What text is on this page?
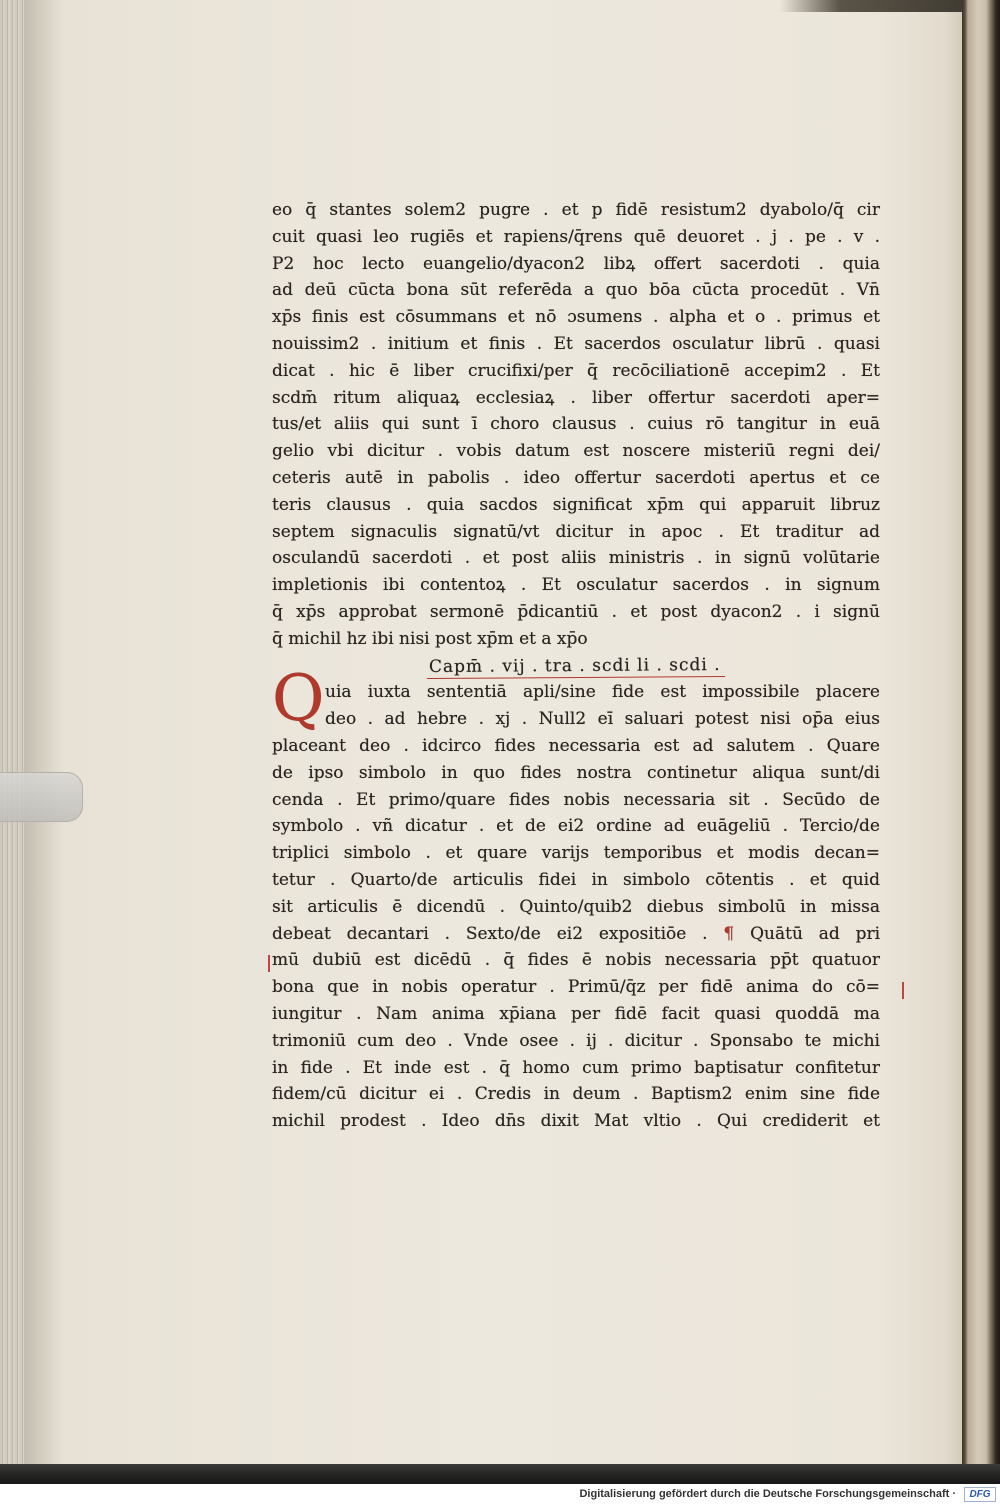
eo q̄ stantes solem2 pugre . et p fidē resistum2 dyabolo/q̄ cir
cuit quasi leo rugiēs et rapiens/q̄rens quē deuoret . j . pe . v .
P2 hoc lecto euangelio/dyacon2 libꝝ offert sacerdoti . quia
ad deū cūcta bona sūt referēda a quo bōa cūcta procedūt . Vn̄
xp̄s finis est cōsummans et nō ɔsumens . alpha et o . primus et
nouissim2 . initium et finis . Et sacerdos osculatur librū . quasi
dicat . hic ē liber crucifixi/per q̄ recōciliationē accepim2 . Et
scdm̄ ritum aliquaꝝ ecclesiaꝝ . liber offertur sacerdoti aper=
tus/et aliis qui sunt ī choro clausus . cuius rō tangitur in euā
gelio vbi dicitur . vobis datum est noscere misteriū regni dei/
ceteris autē in pabolis . ideo offertur sacerdoti apertus et ce
teris clausus . quia sacdos significat xp̄m qui apparuit libruz
septem signaculis signatū/vt dicitur in apoc . Et traditur ad
osculandū sacerdoti . et post aliis ministris . in signū volūtarie
impletionis ibi contentoꝝ . Et osculatur sacerdos . in signum
q̄ xp̄s approbat sermonē p̄dicantiū . et post dyacon2 . i signū
q̄ michil hz ibi nisi post xp̄m et a xp̄o
Capm̄ . vij . tra . scdi li . scdi .
Q uia iuxta sententiā apli/sine fide est impossibile placere
deo . ad hebre . xj . Null2 eī saluari potest nisi op̄a eius
placeant deo . idcirco fides necessaria est ad salutem . Quare
de ipso simbolo in quo fides nostra continetur aliqua sunt/di
cenda . Et primo/quare fides nobis necessaria sit . Secūdo de
symbolo . vñ dicatur . et de ei2 ordine ad euāgeliū . Tercio/de
triplici simbolo . et quare varijs temporibus et modis decan=
tetur . Quarto/de articulis fidei in simbolo cōtentis . et quid
sit articulis ē dicendū . Quinto/quib2 diebus simbolū in missa
debeat decantari . Sexto/de ei2 expositiōe . ¶ Quātū ad pri
mū dubiū est dicēdū . q̄ fides ē nobis necessaria pp̄t quatuor
bona que in nobis operatur . Primū/q̄z per fidē anima do cō=
iungitur . Nam anima xp̄iana per fidē facit quasi quoddā ma
trimoniū cum deo . Vnde osee . ij . dicitur . Sponsabo te michi
in fide . Et inde est . q̄ homo cum primo baptisatur confitetur
fidem/cū dicitur ei . Credis in deum . Baptism2 enim sine fide
michil prodest . Ideo dn̄s dixit Mat vltio . Qui crediderit et
Digitalisierung gefördert durch die Deutsche Forschungsgemeinschaft ·	DFG
